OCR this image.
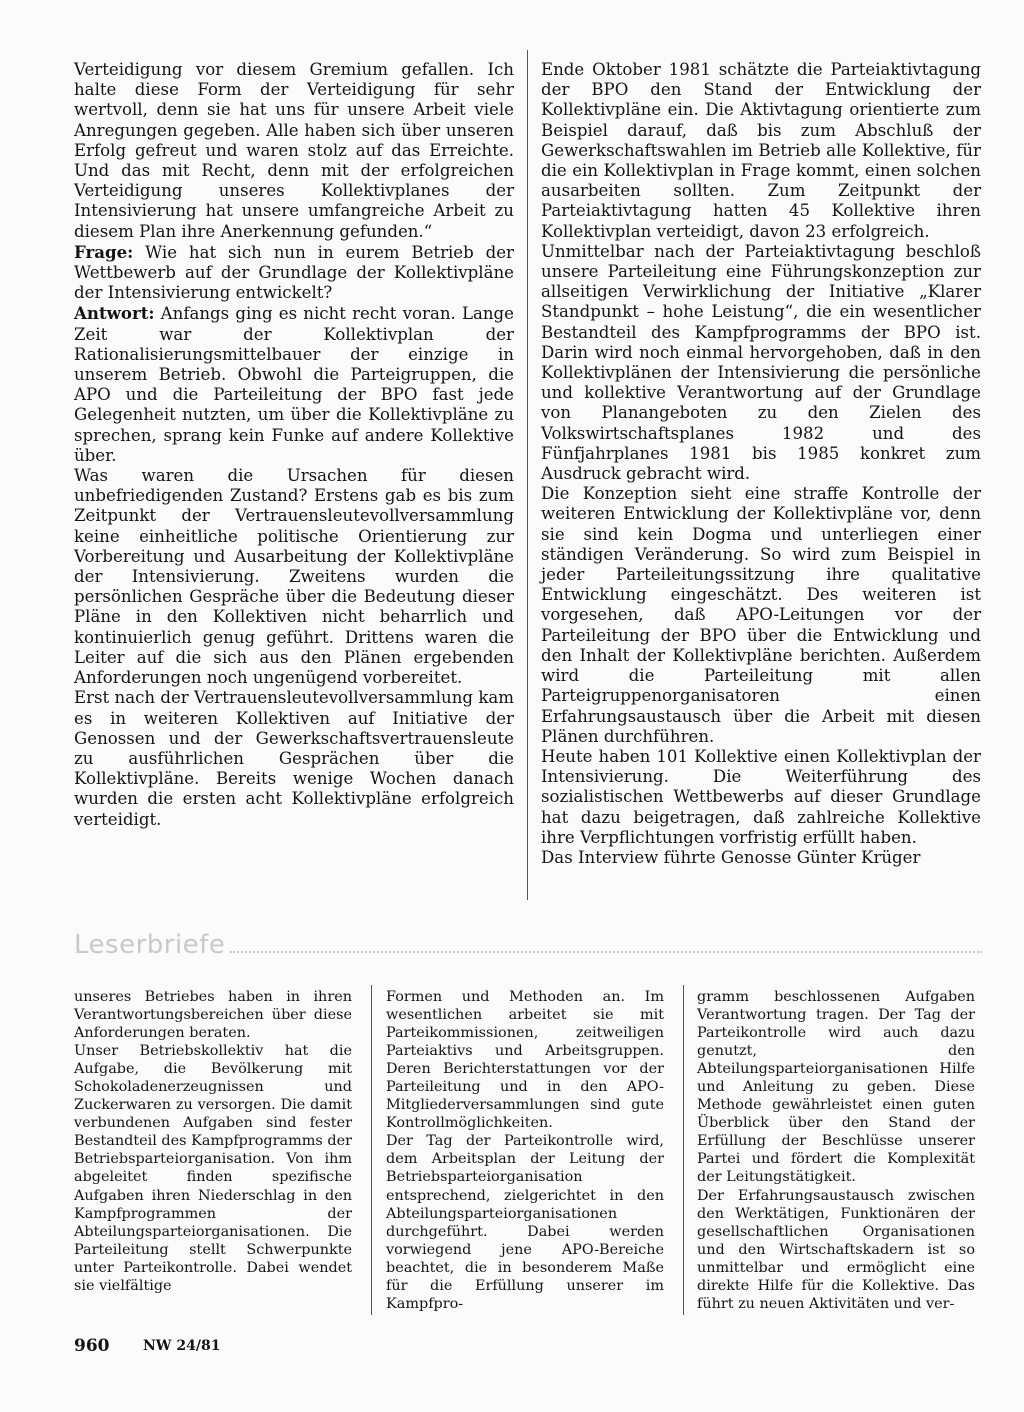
Verteidigung vor diesem Gremium gefallen. Ich halte diese Form der Verteidigung für sehr wertvoll, denn sie hat uns für unsere Arbeit viele Anregungen gegeben. Alle haben sich über unseren Erfolg gefreut und waren stolz auf das Erreichte. Und das mit Recht, denn mit der erfolgreichen Verteidigung unseres Kollektivplanes der Intensivierung hat unsere umfangreiche Arbeit zu diesem Plan ihre Anerkennung gefunden.“

Frage: Wie hat sich nun in eurem Betrieb der Wettbewerb auf der Grundlage der Kollektivpläne der Intensivierung entwickelt?

Antwort: Anfangs ging es nicht recht voran. Lange Zeit war der Kollektivplan der Rationalisierungsmittelbauer der einzige in unserem Betrieb. Obwohl die Parteigruppen, die APO und die Parteileitung der BPO fast jede Gelegenheit nutzten, um über die Kollektivpläne zu sprechen, sprang kein Funke auf andere Kollektive über.

Was waren die Ursachen für diesen unbefriedigenden Zustand? Erstens gab es bis zum Zeitpunkt der Vertrauensleutevollversammlung keine einheitliche politische Orientierung zur Vorbereitung und Ausarbeitung der Kollektivpläne der Intensivierung. Zweitens wurden die persönlichen Gespräche über die Bedeutung dieser Pläne in den Kollektiven nicht beharrlich und kontinuierlich genug geführt. Drittens waren die Leiter auf die sich aus den Plänen ergebenden Anforderungen noch ungenügend vorbereitet.

Erst nach der Vertrauensleutevollversammlung kam es in weiteren Kollektiven auf Initiative der Genossen und der Gewerkschaftsvertrauensleute zu ausführlichen Gesprächen über die Kollektivpläne. Bereits wenige Wochen danach wurden die ersten acht Kollektivpläne erfolgreich verteidigt.

Ende Oktober 1981 schätzte die Parteiaktivtagung der BPO den Stand der Entwicklung der Kollektivpläne ein. Die Aktivtagung orientierte zum Beispiel darauf, daß bis zum Abschluß der Gewerkschaftswahlen im Betrieb alle Kollektive, für die ein Kollektivplan in Frage kommt, einen solchen ausarbeiten sollten. Zum Zeitpunkt der Parteiaktivtagung hatten 45 Kollektive ihren Kollektivplan verteidigt, davon 23 erfolgreich.

Unmittelbar nach der Parteiaktivtagung beschloß unsere Parteileitung eine Führungskonzeption zur allseitigen Verwirklichung der Initiative „Klarer Standpunkt – hohe Leistung“, die ein wesentlicher Bestandteil des Kampfprogramms der BPO ist. Darin wird noch einmal hervorgehoben, daß in den Kollektivplänen der Intensivierung die persönliche und kollektive Verantwortung auf der Grundlage von Planangeboten zu den Zielen des Volkswirtschaftsplanes 1982 und des Fünfjahrplanes 1981 bis 1985 konkret zum Ausdruck gebracht wird.

Die Konzeption sieht eine straffe Kontrolle der weiteren Entwicklung der Kollektivpläne vor, denn sie sind kein Dogma und unterliegen einer ständigen Veränderung. So wird zum Beispiel in jeder Parteileitungssitzung ihre qualitative Entwicklung eingeschätzt. Des weiteren ist vorgesehen, daß APO-Leitungen vor der Parteileitung der BPO über die Entwicklung und den Inhalt der Kollektivpläne berichten. Außerdem wird die Parteileitung mit allen Parteigruppenorganisatoren einen Erfahrungsaustausch über die Arbeit mit diesen Plänen durchführen.

Heute haben 101 Kollektive einen Kollektivplan der Intensivierung. Die Weiterführung des sozialistischen Wettbewerbs auf dieser Grundlage hat dazu beigetragen, daß zahlreiche Kollektive ihre Verpflichtungen vorfristig erfüllt haben.

Das Interview führte Genosse Günter Krüger

Leserbriefe

unseres Betriebes haben in ihren Verantwortungsbereichen über diese Anforderungen beraten.

Unser Betriebskollektiv hat die Aufgabe, die Bevölkerung mit Schokoladenerzeugnissen und Zuckerwaren zu versorgen. Die damit verbundenen Aufgaben sind fester Bestandteil des Kampfprogramms der Betriebsparteiorganisation. Von ihm abgeleitet finden spezifische Aufgaben ihren Niederschlag in den Kampfprogrammen der Abteilungsparteiorganisationen. Die Parteileitung stellt Schwerpunkte unter Parteikontrolle. Dabei wendet sie vielfältige

Formen und Methoden an. Im wesentlichen arbeitet sie mit Parteikommissionen, zeitweiligen Parteiaktivs und Arbeitsgruppen. Deren Berichterstattungen vor der Parteileitung und in den APO-Mitgliederversammlungen sind gute Kontrollmöglichkeiten.

Der Tag der Parteikontrolle wird, dem Arbeitsplan der Leitung der Betriebsparteiorganisation entsprechend, zielgerichtet in den Abteilungsparteiorganisationen durchgeführt. Dabei werden vorwiegend jene APO-Bereiche beachtet, die in besonderem Maße für die Erfüllung unserer im Kampfpro-

gramm beschlossenen Aufgaben Verantwortung tragen. Der Tag der Parteikontrolle wird auch dazu genutzt, den Abteilungsparteiorganisationen Hilfe und Anleitung zu geben. Diese Methode gewährleistet einen guten Überblick über den Stand der Erfüllung der Beschlüsse unserer Partei und fördert die Komplexität der Leitungstätigkeit.

Der Erfahrungsaustausch zwischen den Werktätigen, Funktionären der gesellschaftlichen Organisationen und den Wirtschaftskadern ist so unmittelbar und ermöglicht eine direkte Hilfe für die Kollektive. Das führt zu neuen Aktivitäten und ver-

960 NW 24/81
